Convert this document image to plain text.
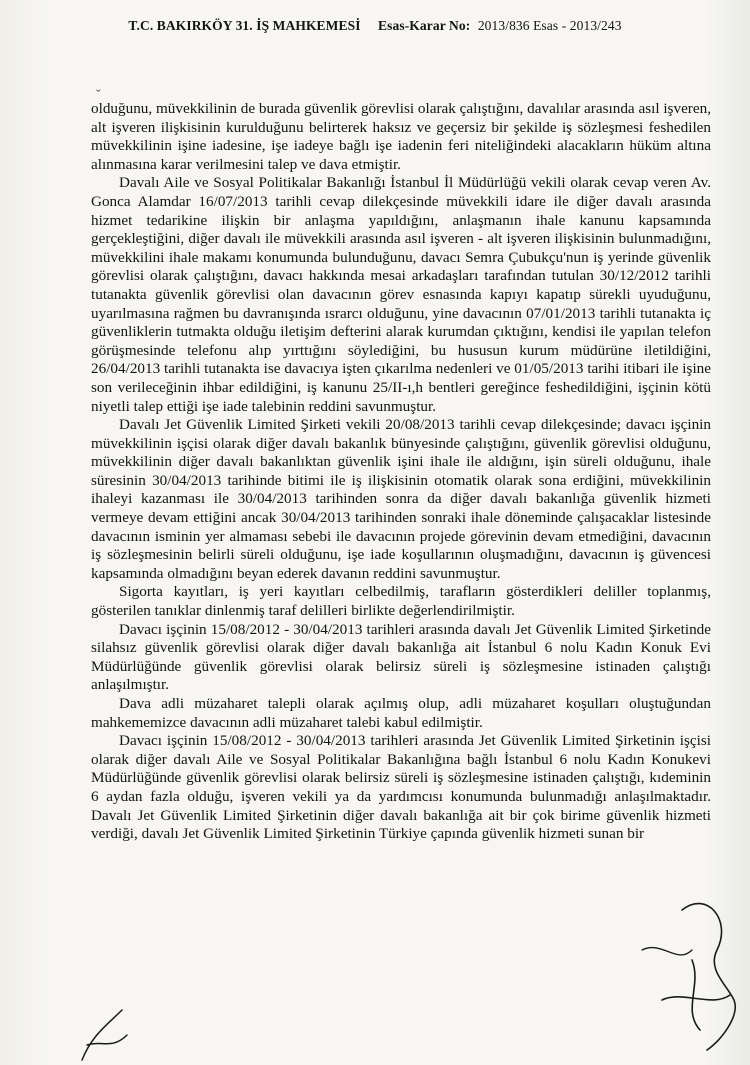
T.C. BAKIRKÖY 31. İŞ MAHKEMESİ Esas-Karar No: 2013/836 Esas - 2013/243
ˇ

olduğunu, müvekkilinin de burada güvenlik görevlisi olarak çalıştığını, davalılar arasında asıl işveren, alt işveren ilişkisinin kurulduğunu belirterek haksız ve geçersiz bir şekilde iş sözleşmesi feshedilen müvekkilinin işine iadesine, işe iadeye bağlı işe iadenin feri niteliğindeki alacakların hüküm altına alınmasına karar verilmesini talep ve dava etmiştir.

Davalı Aile ve Sosyal Politikalar Bakanlığı İstanbul İl Müdürlüğü vekili olarak cevap veren Av. Gonca Alamdar 16/07/2013 tarihli cevap dilekçesinde müvekkili idare ile diğer davalı arasında hizmet tedarikine ilişkin bir anlaşma yapıldığını, anlaşmanın ihale kanunu kapsamında gerçekleştiğini, diğer davalı ile müvekkili arasında asıl işveren - alt işveren ilişkisinin bulunmadığını, müvekkilini ihale makamı konumunda bulunduğunu, davacı Semra Çubukçu'nun iş yerinde güvenlik görevlisi olarak çalıştığını, davacı hakkında mesai arkadaşları tarafından tutulan 30/12/2012 tarihli tutanakta güvenlik görevlisi olan davacının görev esnasında kapıyı kapatıp sürekli uyuduğunu, uyarılmasına rağmen bu davranışında ısrarcı olduğunu, yine davacının 07/01/2013 tarihli tutanakta iç güvenliklerin tutmakta olduğu iletişim defterini alarak kurumdan çıktığını, kendisi ile yapılan telefon görüşmesinde telefonu alıp yırttığını söylediğini, bu hususun kurum müdürüne iletildiğini, 26/04/2013 tarihli tutanakta ise davacıya işten çıkarılma nedenleri ve 01/05/2013 tarihi itibari ile işine son verileceğinin ihbar edildiğini, iş kanunu 25/II-ı,h bentleri gereğince feshedildiğini, işçinin kötü niyetli talep ettiği işe iade talebinin reddini savunmuştur.

Davalı Jet Güvenlik Limited Şirketi vekili 20/08/2013 tarihli cevap dilekçesinde; davacı işçinin müvekkilinin işçisi olarak diğer davalı bakanlık bünyesinde çalıştığını, güvenlik görevlisi olduğunu, müvekkilinin diğer davalı bakanlıktan güvenlik işini ihale ile aldığını, işin süreli olduğunu, ihale süresinin 30/04/2013 tarihinde bitimi ile iş ilişkisinin otomatik olarak sona erdiğini, müvekkilinin ihaleyi kazanması ile 30/04/2013 tarihinden sonra da diğer davalı bakanlığa güvenlik hizmeti vermeye devam ettiğini ancak 30/04/2013 tarihinden sonraki ihale döneminde çalışacaklar listesinde davacının isminin yer almaması sebebi ile davacının projede görevinin devam etmediğini, davacının iş sözleşmesinin belirli süreli olduğunu, işe iade koşullarının oluşmadığını, davacının iş güvencesi kapsamında olmadığını beyan ederek davanın reddini savunmuştur.

Sigorta kayıtları, iş yeri kayıtları celbedilmiş, tarafların gösterdikleri deliller toplanmış, gösterilen tanıklar dinlenmiş taraf delilleri birlikte değerlendirilmiştir.

Davacı işçinin 15/08/2012 - 30/04/2013 tarihleri arasında davalı Jet Güvenlik Limited Şirketinde silahsız güvenlik görevlisi olarak diğer davalı bakanlığa ait İstanbul 6 nolu Kadın Konuk Evi Müdürlüğünde güvenlik görevlisi olarak belirsiz süreli iş sözleşmesine istinaden çalıştığı anlaşılmıştır.

Dava adli müzaharet talepli olarak açılmış olup, adli müzaharet koşulları oluştuğundan mahkememizce davacının adli müzaharet talebi kabul edilmiştir.

Davacı işçinin 15/08/2012 - 30/04/2013 tarihleri arasında Jet Güvenlik Limited Şirketinin işçisi olarak diğer davalı Aile ve Sosyal Politikalar Bakanlığına bağlı İstanbul 6 nolu Kadın Konukevi Müdürlüğünde güvenlik görevlisi olarak belirsiz süreli iş sözleşmesine istinaden çalıştığı, kıdeminin 6 aydan fazla olduğu, işveren vekili ya da yardımcısı konumunda bulunmadığı anlaşılmaktadır. Davalı Jet Güvenlik Limited Şirketinin diğer davalı bakanlığa ait bir çok birime güvenlik hizmeti verdiği, davalı Jet Güvenlik Limited Şirketinin Türkiye çapında güvenlik hizmeti sunan bir
